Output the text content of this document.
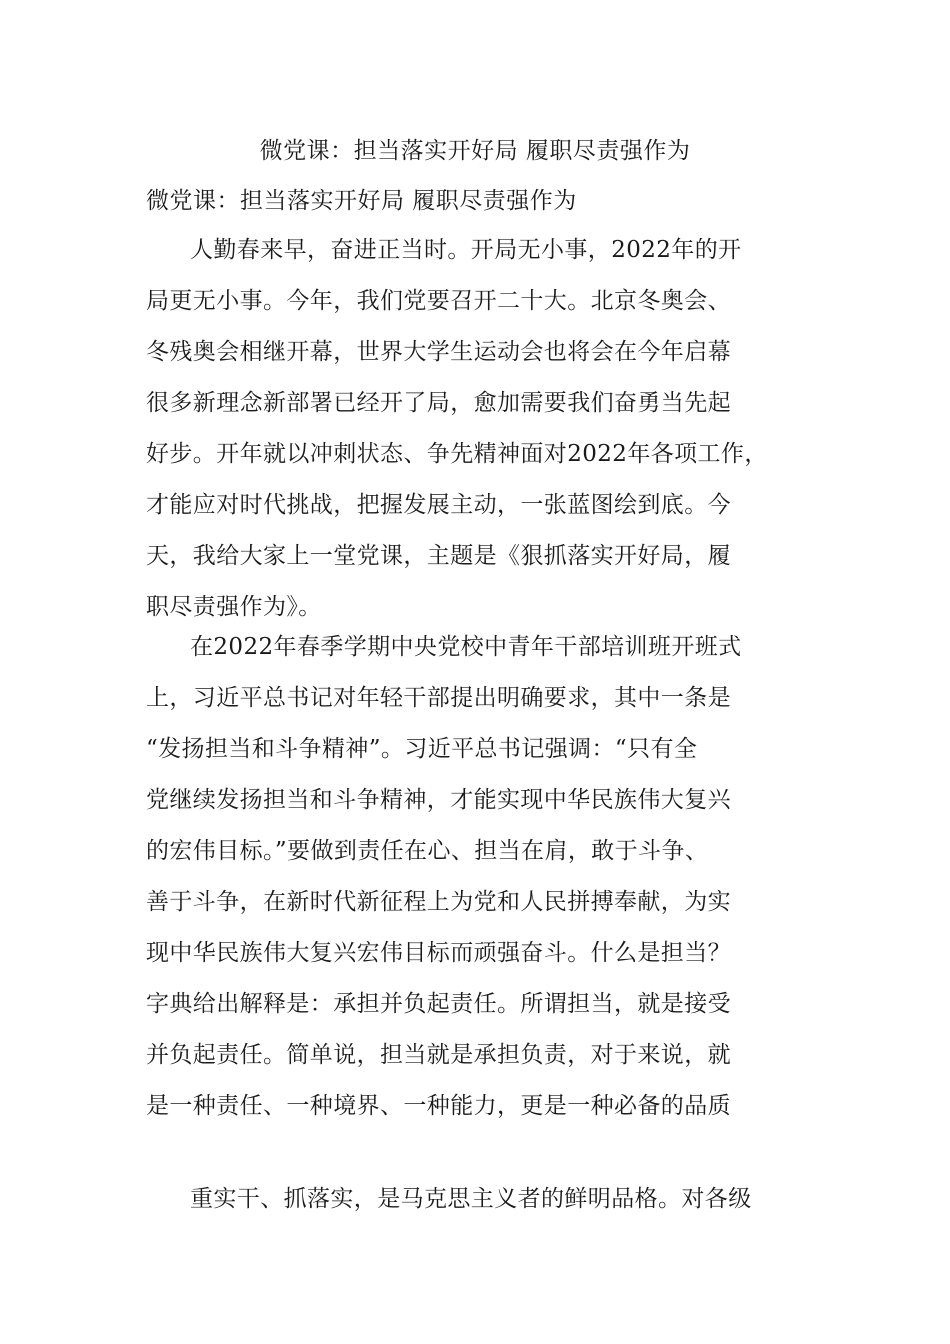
微党课：担当落实开好局 履职尽责强作为
微党课：担当落实开好局 履职尽责强作为
人勤春来早，奋进正当时。开局无小事，2022年的开
局更无小事。今年，我们党要召开二十大。北京冬奥会、
冬残奥会相继开幕，世界大学生运动会也将会在今年启幕
很多新理念新部署已经开了局，愈加需要我们奋勇当先起
好步。开年就以冲刺状态、争先精神面对2022年各项工作，
才能应对时代挑战，把握发展主动，一张蓝图绘到底。今
天，我给大家上一堂党课，主题是《狠抓落实开好局，履
职尽责强作为》。
在2022年春季学期中央党校中青年干部培训班开班式
上，习近平总书记对年轻干部提出明确要求，其中一条是
“发扬担当和斗争精神”。习近平总书记强调：“只有全
党继续发扬担当和斗争精神，才能实现中华民族伟大复兴
的宏伟目标。”要做到责任在心、担当在肩，敢于斗争、
善于斗争，在新时代新征程上为党和人民拼搏奉献，为实
现中华民族伟大复兴宏伟目标而顽强奋斗。什么是担当？
字典给出解释是：承担并负起责任。所谓担当，就是接受
并负起责任。简单说，担当就是承担负责，对于来说，就
是一种责任、一种境界、一种能力，更是一种必备的品质
重实干、抓落实，是马克思主义者的鲜明品格。对各级
